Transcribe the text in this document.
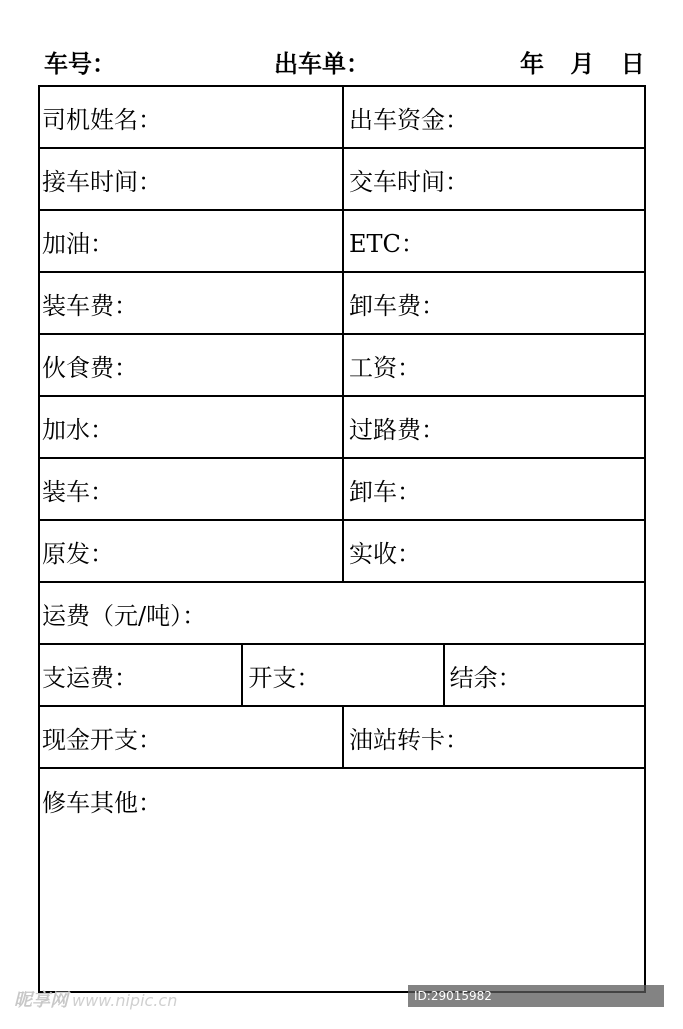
车号：	出车单：	年 月 日
司机姓名：	出车资金：
接车时间：	交车时间：
加油：	ETC：
装车费：	卸车费：
伙食费：	工资：
加水：	过路费：
装车：	卸车：
原发：	实收：
运费（元/吨）：
支运费：	开支：	结余：
现金开支：	油站转卡：
修车其他：
昵享网 www.nipic.cn	ID:29015982 NO:20250528150610140107
